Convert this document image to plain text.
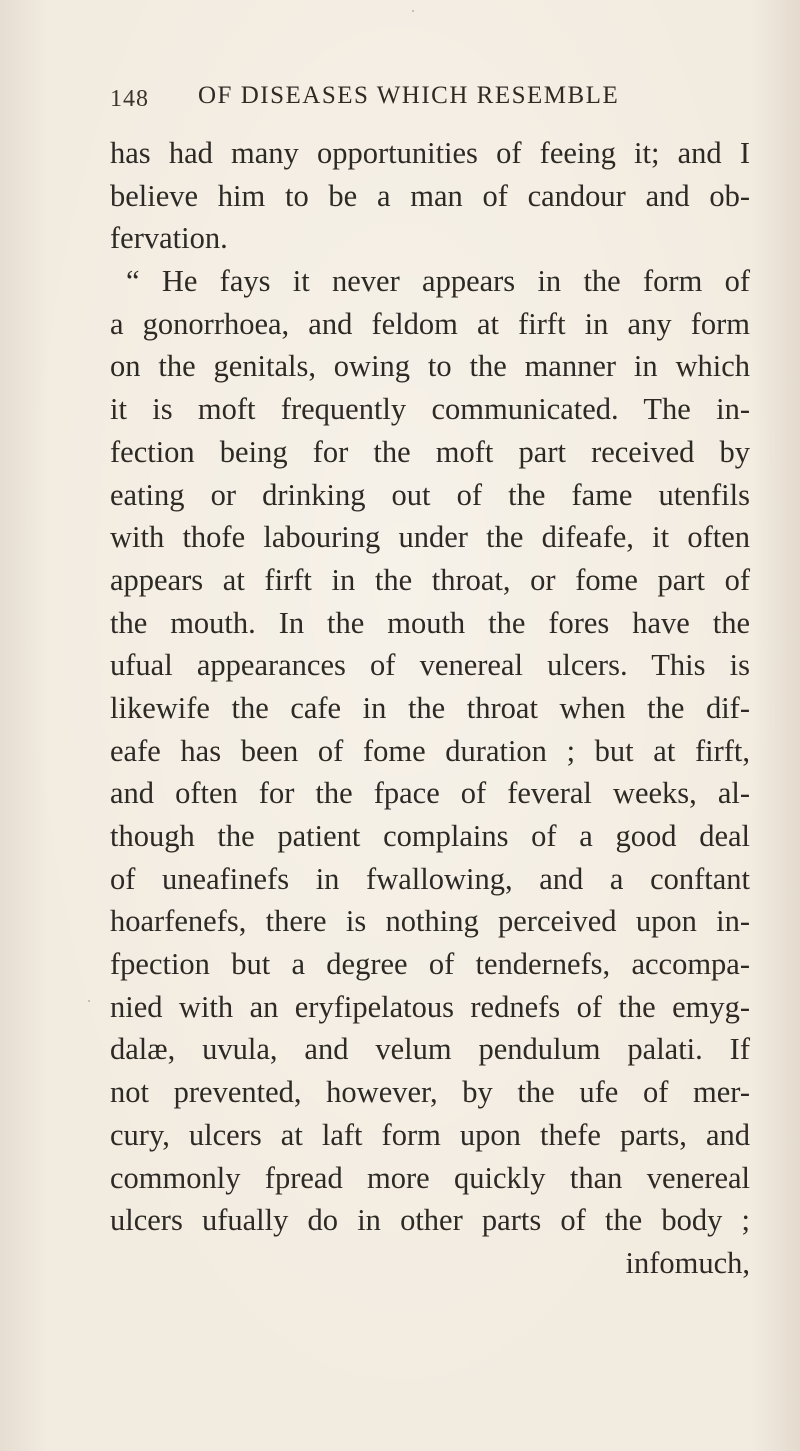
148 OF DISEASES WHICH RESEMBLE
has had many opportunities of feeing it; and I
believe him to be a man of candour and ob-
fervation.
“ He fays it never appears in the form of
a gonorrhoea, and feldom at firft in any form
on the genitals, owing to the manner in which
it is moft frequently communicated. The in-
fection being for the moft part received by
eating or drinking out of the fame utenfils
with thofe labouring under the difeafe, it often
appears at firft in the throat, or fome part of
the mouth. In the mouth the fores have the
ufual appearances of venereal ulcers. This is
likewife the cafe in the throat when the dif-
eafe has been of fome duration ; but at firft,
and often for the fpace of feveral weeks, al-
though the patient complains of a good deal
of uneafinefs in fwallowing, and a conftant
hoarfenefs, there is nothing perceived upon in-
fpection but a degree of tendernefs, accompa-
nied with an eryfipelatous rednefs of the emyg-
dalæ, uvula, and velum pendulum palati. If
not prevented, however, by the ufe of mer-
cury, ulcers at laft form upon thefe parts, and
commonly fpread more quickly than venereal
ulcers ufually do in other parts of the body ;
infomuch,
